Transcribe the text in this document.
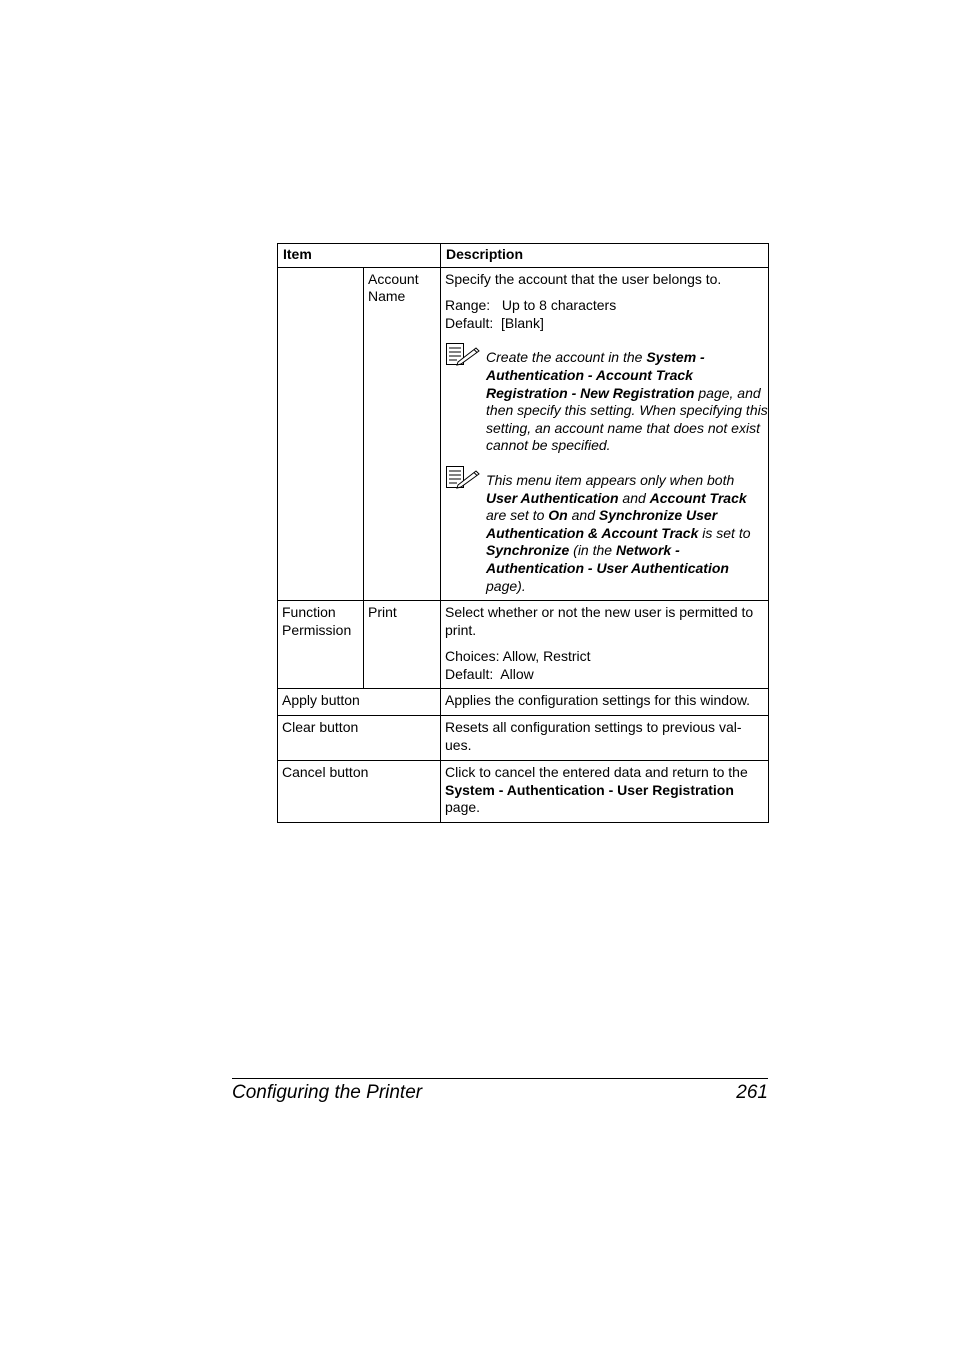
Item		Description
	Account Name	Specify the account that the user belongs to.

Range:   Up to 8 characters

Default:  [Blank]

Create the account in the System - Authentication - Account Track Registration - New Registration page, and then specify this setting. When specifying this setting, an account name that does not exist cannot be specified.
This menu item appears only when both User Authentication and Account Track are set to On and Synchronize User Authentication & Account Track is set to Synchronize (in the Network - Authentication - User Authentication page).

Function Permission	Print	Select whether or not the new user is permitted to print.

Choices: Allow, Restrict

Default:  Allow

Apply button		Applies the configuration settings for this window.
Clear button		Resets all configuration settings to previous val-ues.
Cancel button		Click to cancel the entered data and return to the System - Authentication - User Registration page.
Configuring the Printer	261
